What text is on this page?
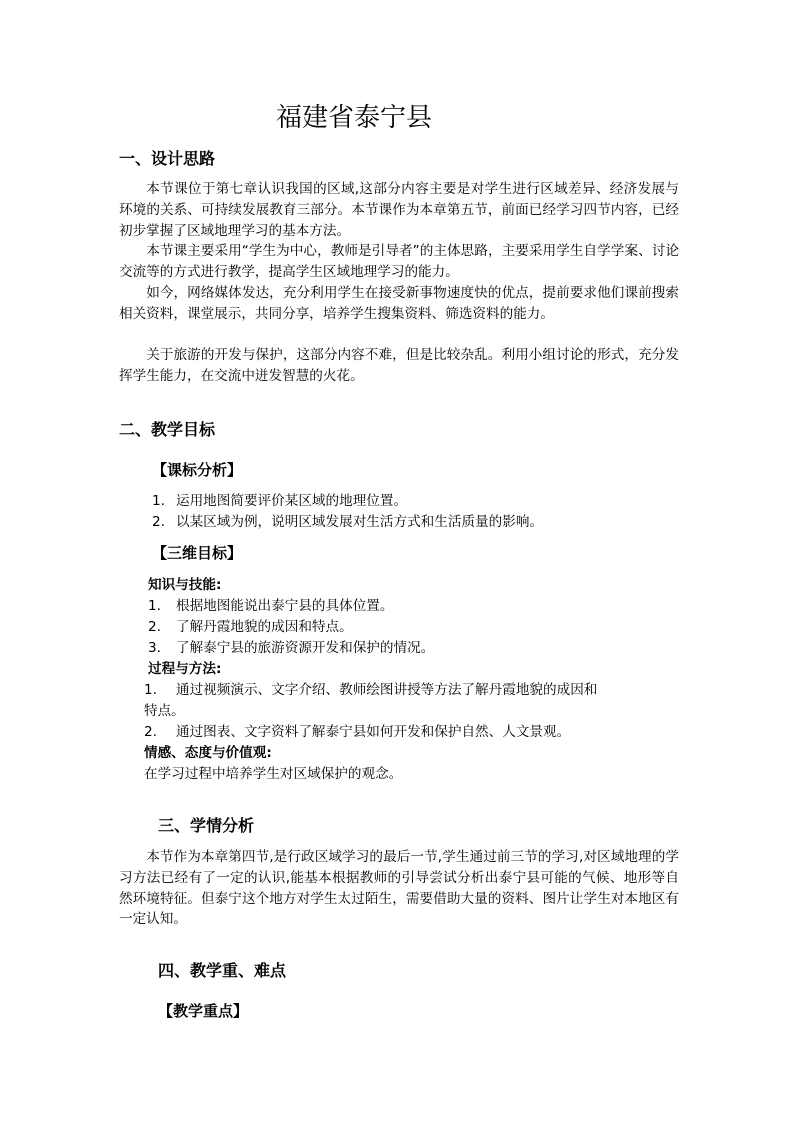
福建省泰宁县
一、设计思路
本节课位于第七章认识我国的区域,这部分内容主要是对学生进行区域差异、经济发展与环境的关系、可持续发展教育三部分。本节课作为本章第五节，前面已经学习四节内容，已经初步掌握了区域地理学习的基本方法。
本节课主要采用“学生为中心，教师是引导者”的主体思路，主要采用学生自学学案、讨论交流等的方式进行教学，提高学生区域地理学习的能力。
如今，网络媒体发达，充分利用学生在接受新事物速度快的优点，提前要求他们课前搜索相关资料，课堂展示，共同分享，培养学生搜集资料、筛选资料的能力。
关于旅游的开发与保护，这部分内容不难，但是比较杂乱。利用小组讨论的形式，充分发挥学生能力，在交流中迸发智慧的火花。
二、教学目标
【课标分析】
1. 运用地图简要评价某区域的地理位置。
2. 以某区域为例，说明区域发展对生活方式和生活质量的影响。
【三维目标】
知识与技能:
1. 根据地图能说出泰宁县的具体位置。
2. 了解丹霞地貌的成因和特点。
3. 了解泰宁县的旅游资源开发和保护的情况。
过程与方法:
1. 通过视频演示、文字介绍、教师绘图讲授等方法了解丹霞地貌的成因和
特点。
2. 通过图表、文字资料了解泰宁县如何开发和保护自然、人文景观。
情感、态度与价值观:
在学习过程中培养学生对区域保护的观念。
三、学情分析
本节作为本章第四节,是行政区域学习的最后一节,学生通过前三节的学习,对区域地理的学习方法已经有了一定的认识,能基本根据教师的引导尝试分析出泰宁县可能的气候、地形等自然环境特征。但泰宁这个地方对学生太过陌生，需要借助大量的资料、图片让学生对本地区有一定认知。
四、教学重、难点
【教学重点】
